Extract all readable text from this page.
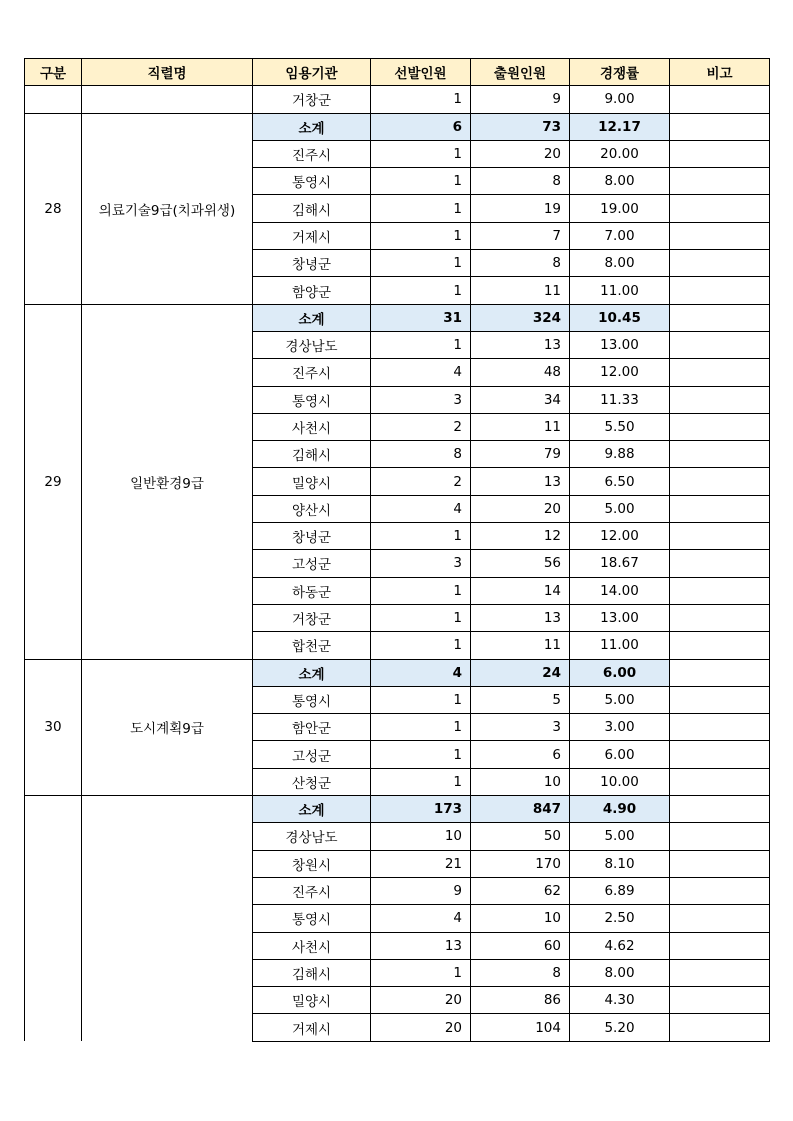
구분	직렬명	임용기관	선발인원	출원인원	경쟁률	비고
		거창군	1	9	9.00	
28	의료기술9급(치과위생)	소계	6	73	12.17	
		진주시	1	20	20.00	
		통영시	1	8	8.00	
		김해시	1	19	19.00	
		거제시	1	7	7.00	
		창녕군	1	8	8.00	
		함양군	1	11	11.00	
29	일반환경9급	소계	31	324	10.45	
		경상남도	1	13	13.00	
		진주시	4	48	12.00	
		통영시	3	34	11.33	
		사천시	2	11	5.50	
		김해시	8	79	9.88	
		밀양시	2	13	6.50	
		양산시	4	20	5.00	
		창녕군	1	12	12.00	
		고성군	3	56	18.67	
		하동군	1	14	14.00	
		거창군	1	13	13.00	
		합천군	1	11	11.00	
30	도시계획9급	소계	4	24	6.00	
		통영시	1	5	5.00	
		함안군	1	3	3.00	
		고성군	1	6	6.00	
		산청군	1	10	10.00	
		소계	173	847	4.90	
		경상남도	10	50	5.00	
		창원시	21	170	8.10	
		진주시	9	62	6.89	
		통영시	4	10	2.50	
		사천시	13	60	4.62	
		김해시	1	8	8.00	
		밀양시	20	86	4.30	
		거제시	20	104	5.20	
